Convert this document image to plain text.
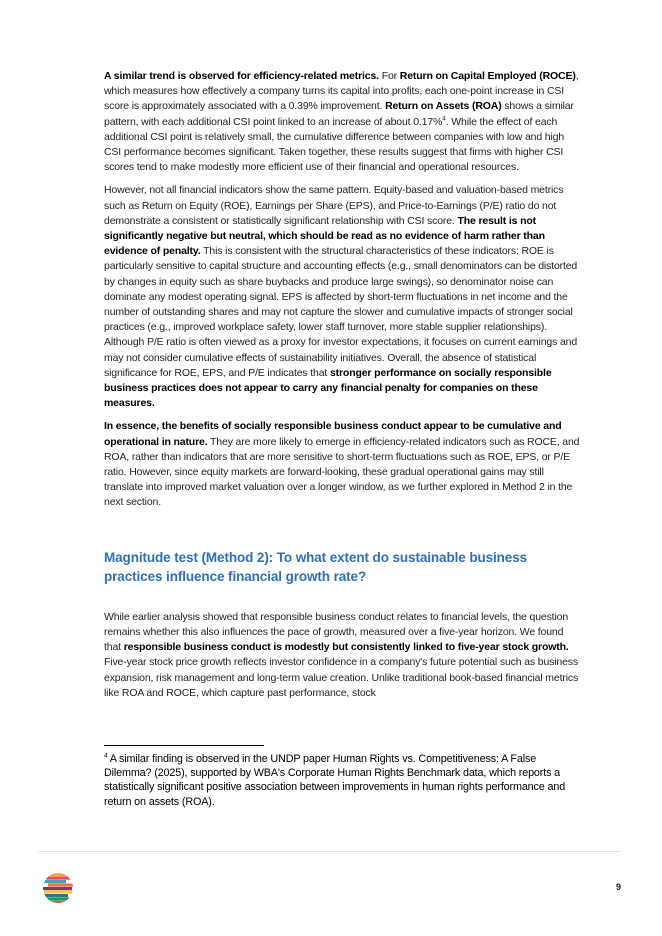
A similar trend is observed for efficiency-related metrics. For Return on Capital Employed (ROCE), which measures how effectively a company turns its capital into profits, each one-point increase in CSI score is approximately associated with a 0.39% improvement. Return on Assets (ROA) shows a similar pattern, with each additional CSI point linked to an increase of about 0.17%$^4$. While the effect of each additional CSI point is relatively small, the cumulative difference between companies with low and high CSI performance becomes significant. Taken together, these results suggest that firms with higher CSI scores tend to make modestly more efficient use of their financial and operational resources.

However, not all financial indicators show the same pattern. Equity-based and valuation-based metrics such as Return on Equity (ROE), Earnings per Share (EPS), and Price-to-Earnings (P/E) ratio do not demonstrate a consistent or statistically significant relationship with CSI score. The result is not significantly negative but neutral, which should be read as no evidence of harm rather than evidence of penalty. This is consistent with the structural characteristics of these indicators: ROE is particularly sensitive to capital structure and accounting effects (e.g., small denominators can be distorted by changes in equity such as share buybacks and produce large swings), so denominator noise can dominate any modest operating signal. EPS is affected by short-term fluctuations in net income and the number of outstanding shares and may not capture the slower and cumulative impacts of stronger social practices (e.g., improved workplace safety, lower staff turnover, more stable supplier relationships). Although P/E ratio is often viewed as a proxy for investor expectations, it focuses on current earnings and may not consider cumulative effects of sustainability initiatives. Overall, the absence of statistical significance for ROE, EPS, and P/E indicates that stronger performance on socially responsible business practices does not appear to carry any financial penalty for companies on these measures.

In essence, the benefits of socially responsible business conduct appear to be cumulative and operational in nature. They are more likely to emerge in efficiency-related indicators such as ROCE, and ROA, rather than indicators that are more sensitive to short-term fluctuations such as ROE, EPS, or P/E ratio. However, since equity markets are forward-looking, these gradual operational gains may still translate into improved market valuation over a longer window, as we further explored in Method 2 in the next section.

Magnitude test (Method 2): To what extent do sustainable business practices influence financial growth rate?

While earlier analysis showed that responsible business conduct relates to financial levels, the question remains whether this also influences the pace of growth, measured over a five-year horizon. We found that responsible business conduct is modestly but consistently linked to five-year stock growth. Five-year stock price growth reflects investor confidence in a company's future potential such as business expansion, risk management and long-term value creation. Unlike traditional book-based financial metrics like ROA and ROCE, which capture past performance, stock

$^4$ A similar finding is observed in the UNDP paper Human Rights vs. Competitiveness: A False Dilemma? (2025), supported by WBA's Corporate Human Rights Benchmark data, which reports a statistically significant positive association between improvements in human rights performance and return on assets (ROA).
9
